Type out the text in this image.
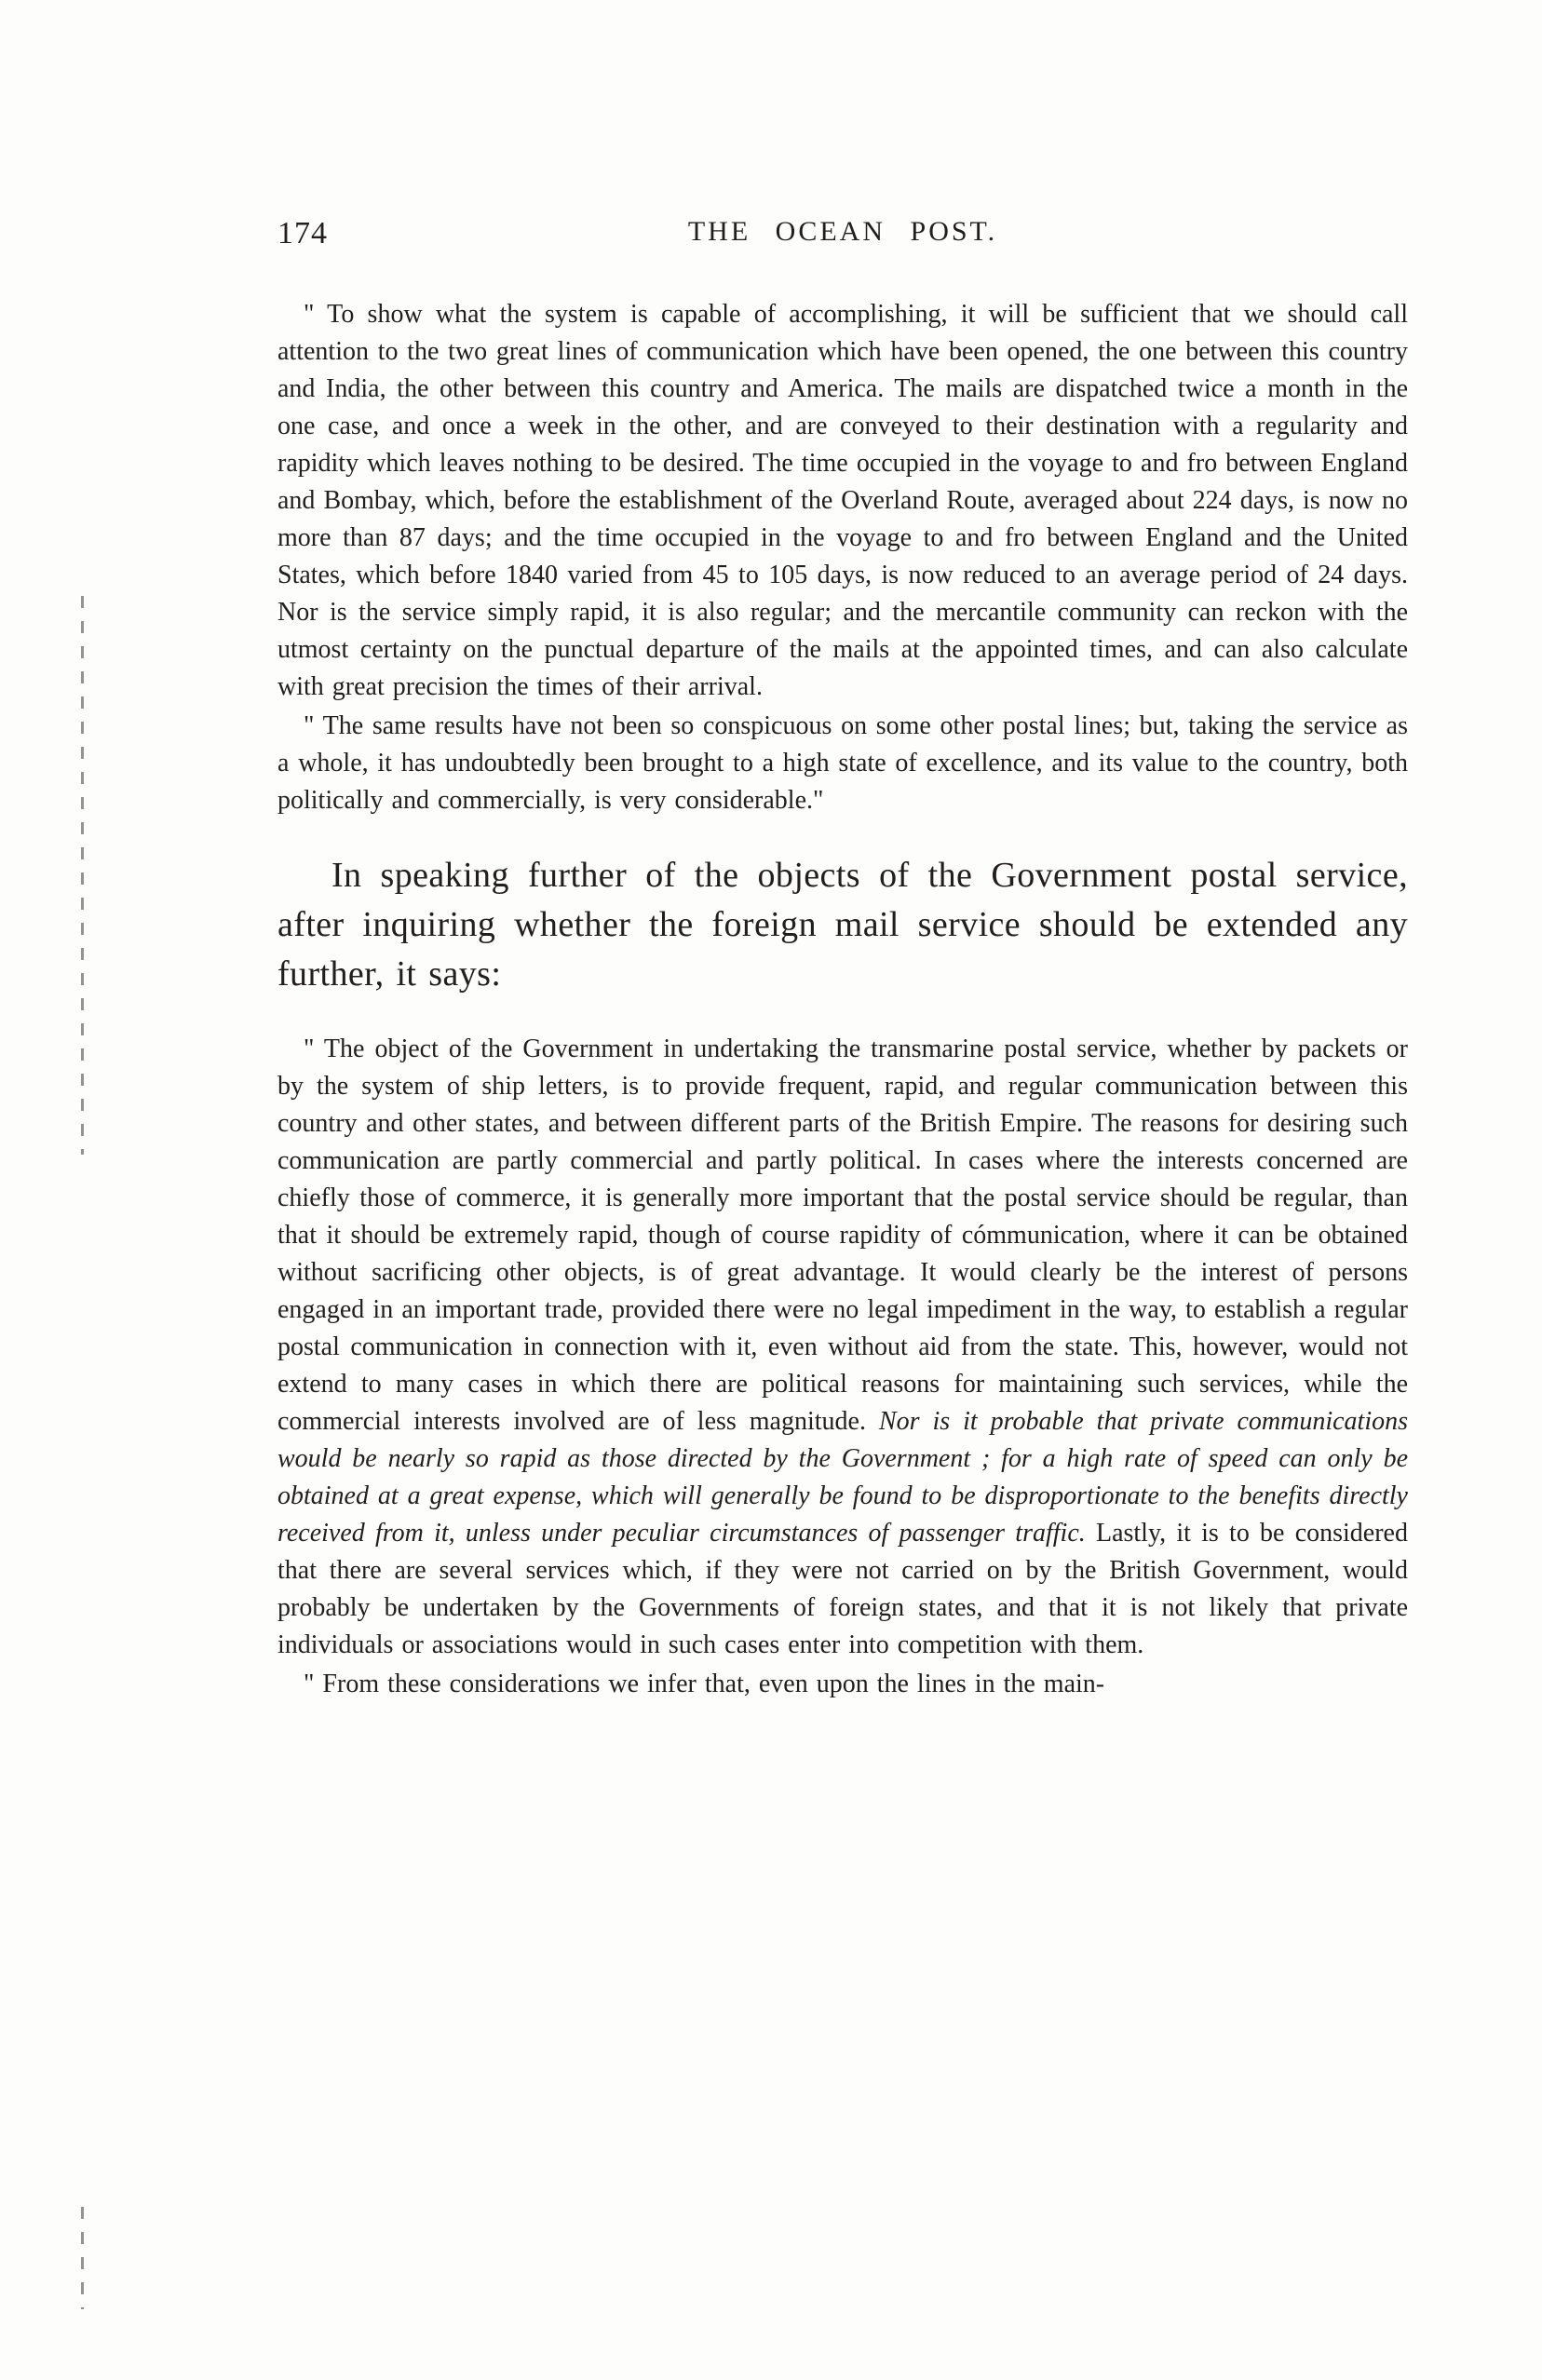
174	THE OCEAN POST.

" To show what the system is capable of accomplishing, it will be sufficient that we should call attention to the two great lines of communication which have been opened, the one between this country and India, the other between this country and America. The mails are dispatched twice a month in the one case, and once a week in the other, and are conveyed to their destination with a regularity and rapidity which leaves nothing to be desired. The time occupied in the voyage to and fro between England and Bombay, which, before the establishment of the Overland Route, averaged about 224 days, is now no more than 87 days; and the time occupied in the voyage to and fro between England and the United States, which before 1840 varied from 45 to 105 days, is now reduced to an average period of 24 days. Nor is the service simply rapid, it is also regular; and the mercantile community can reckon with the utmost certainty on the punctual departure of the mails at the appointed times, and can also calculate with great precision the times of their arrival.

" The same results have not been so conspicuous on some other postal lines; but, taking the service as a whole, it has undoubtedly been brought to a high state of excellence, and its value to the country, both politically and commercially, is very considerable."

In speaking further of the objects of the Government postal service, after inquiring whether the foreign mail service should be extended any further, it says:

" The object of the Government in undertaking the transmarine postal service, whether by packets or by the system of ship letters, is to provide frequent, rapid, and regular communication between this country and other states, and between different parts of the British Empire. The reasons for desiring such communication are partly commercial and partly political. In cases where the interests concerned are chiefly those of commerce, it is generally more important that the postal service should be regular, than that it should be extremely rapid, though of course rapidity of cómmunication, where it can be obtained without sacrificing other objects, is of great advantage. It would clearly be the interest of persons engaged in an important trade, provided there were no legal impediment in the way, to establish a regular postal communication in connection with it, even without aid from the state. This, however, would not extend to many cases in which there are political reasons for maintaining such services, while the commercial interests involved are of less magnitude. Nor is it probable that private communications would be nearly so rapid as those directed by the Government ; for a high rate of speed can only be obtained at a great expense, which will generally be found to be disproportionate to the benefits directly received from it, unless under peculiar circumstances of passenger traffic. Lastly, it is to be considered that there are several services which, if they were not carried on by the British Government, would probably be undertaken by the Governments of foreign states, and that it is not likely that private individuals or associations would in such cases enter into competition with them.

" From these considerations we infer that, even upon the lines in the main-
